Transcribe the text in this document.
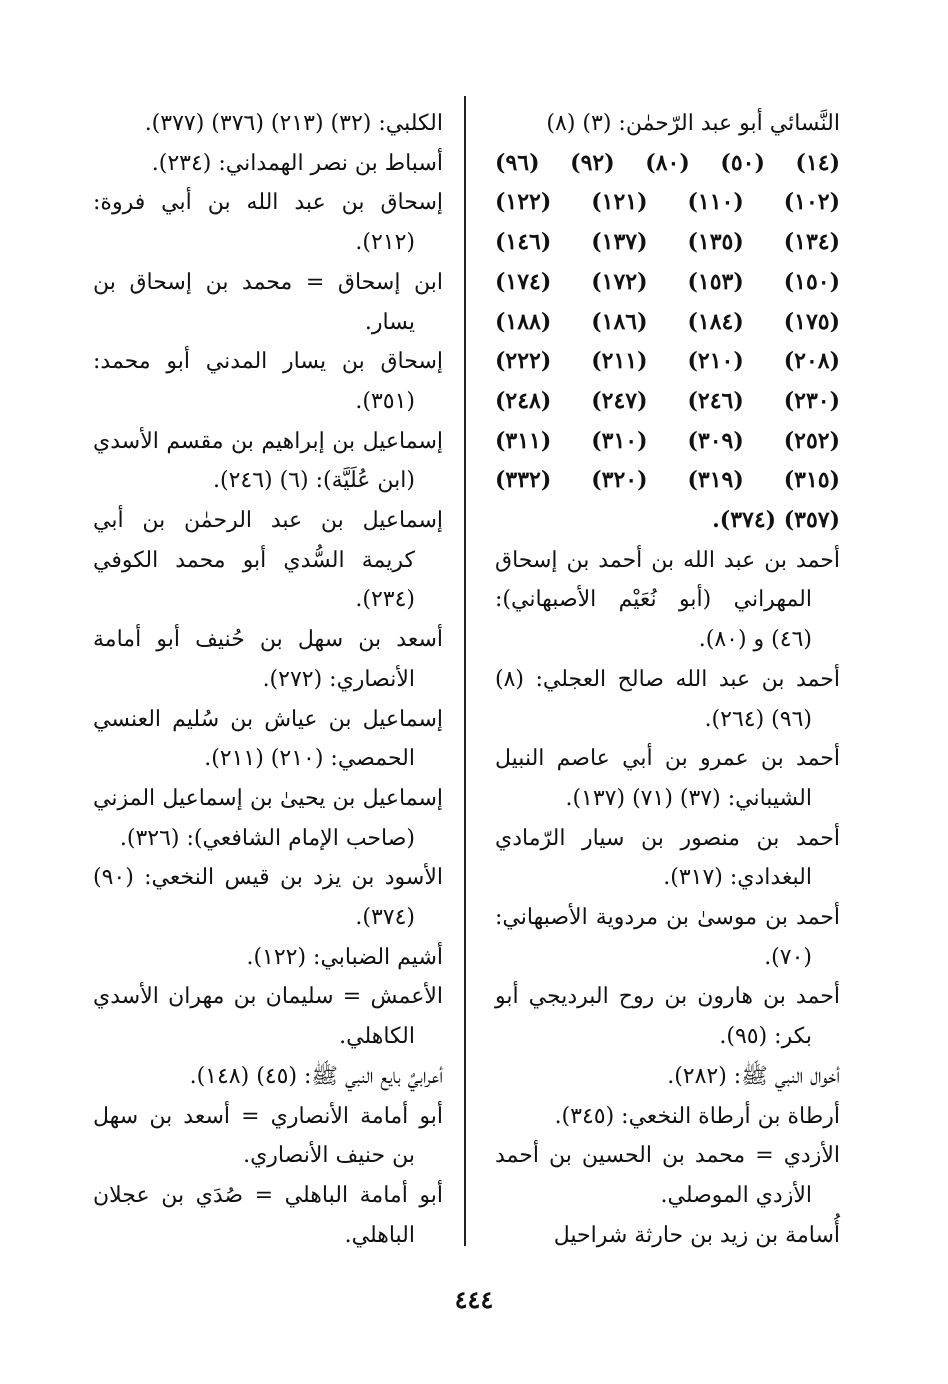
النَّسائي أبو عبد الرّحمٰن: (٣) (٨)

(١٤)
(٥٠)
(٨٠)
(٩٢)
(٩٦)
(١٠٢)
(١١٠)
(١٢١)
(١٢٢)
(١٣٤)
(١٣٥)
(١٣٧)
(١٤٦)
(١٥٠)
(١٥٣)
(١٧٢)
(١٧٤)
(١٧٥)
(١٨٤)
(١٨٦)
(١٨٨)
(٢٠٨)
(٢١٠)
(٢١١)
(٢٢٢)
(٢٣٠)
(٢٤٦)
(٢٤٧)
(٢٤٨)
(٢٥٢)
(٣٠٩)
(٣١٠)
(٣١١)
(٣١٥)
(٣١٩)
(٣٢٠)
(٣٣٢)

(٣٥٧) (٣٧٤).

أحمد بن عبد الله بن أحمد بن إسحاق المهراني (أبو نُعَيْم الأصبهاني): (٤٦) و (٨٠).

أحمد بن عبد الله صالح العجلي: (٨) (٩٦) (٢٦٤).

أحمد بن عمرو بن أبي عاصم النبيل الشيباني: (٣٧) (٧١) (١٣٧).

أحمد بن منصور بن سيار الرّمادي البغدادي: (٣١٧).

أحمد بن موسىٰ بن مردوية الأصبهاني: (٧٠).

أحمد بن هارون بن روح البرديجي أبو بكر: (٩٥).

أخوال النبي ﷺ: (٢٨٢).

أرطاة بن أرطاة النخعي: (٣٤٥).

الأزدي = محمد بن الحسين بن أحمد الأزدي الموصلي.

أُسامة بن زيد بن حارثة شراحيل

الكلبي: (٣٢) (٢١٣) (٣٧٦) (٣٧٧).

أسباط بن نصر الهمداني: (٢٣٤).

إسحاق بن عبد الله بن أبي فروة: (٢١٢).

ابن إسحاق = محمد بن إسحاق بن يسار.

إسحاق بن يسار المدني أبو محمد: (٣٥١).

إسماعيل بن إبراهيم بن مقسم الأسدي (ابن عُلَيَّة): (٦) (٢٤٦).

إسماعيل بن عبد الرحمٰن بن أبي كريمة السُّدي أبو محمد الكوفي (٢٣٤).

أسعد بن سهل بن حُنيف أبو أمامة الأنصاري: (٢٧٢).

إسماعيل بن عياش بن سُليم العنسي الحمصي: (٢١٠) (٢١١).

إسماعيل بن يحيىٰ بن إسماعيل المزني (صاحب الإمام الشافعي): (٣٢٦).

الأسود بن يزد بن قيس النخعي: (٩٠) (٣٧٤).

أشيم الضبابي: (١٢٢).

الأعمش = سليمان بن مهران الأسدي الكاهلي.

أعرابيٌ بايع النبي ﷺ: (٤٥) (١٤٨).

أبو أمامة الأنصاري = أسعد بن سهل بن حنيف الأنصاري.

أبو أمامة الباهلي = صُدَي بن عجلان الباهلي.

٤٤٤
